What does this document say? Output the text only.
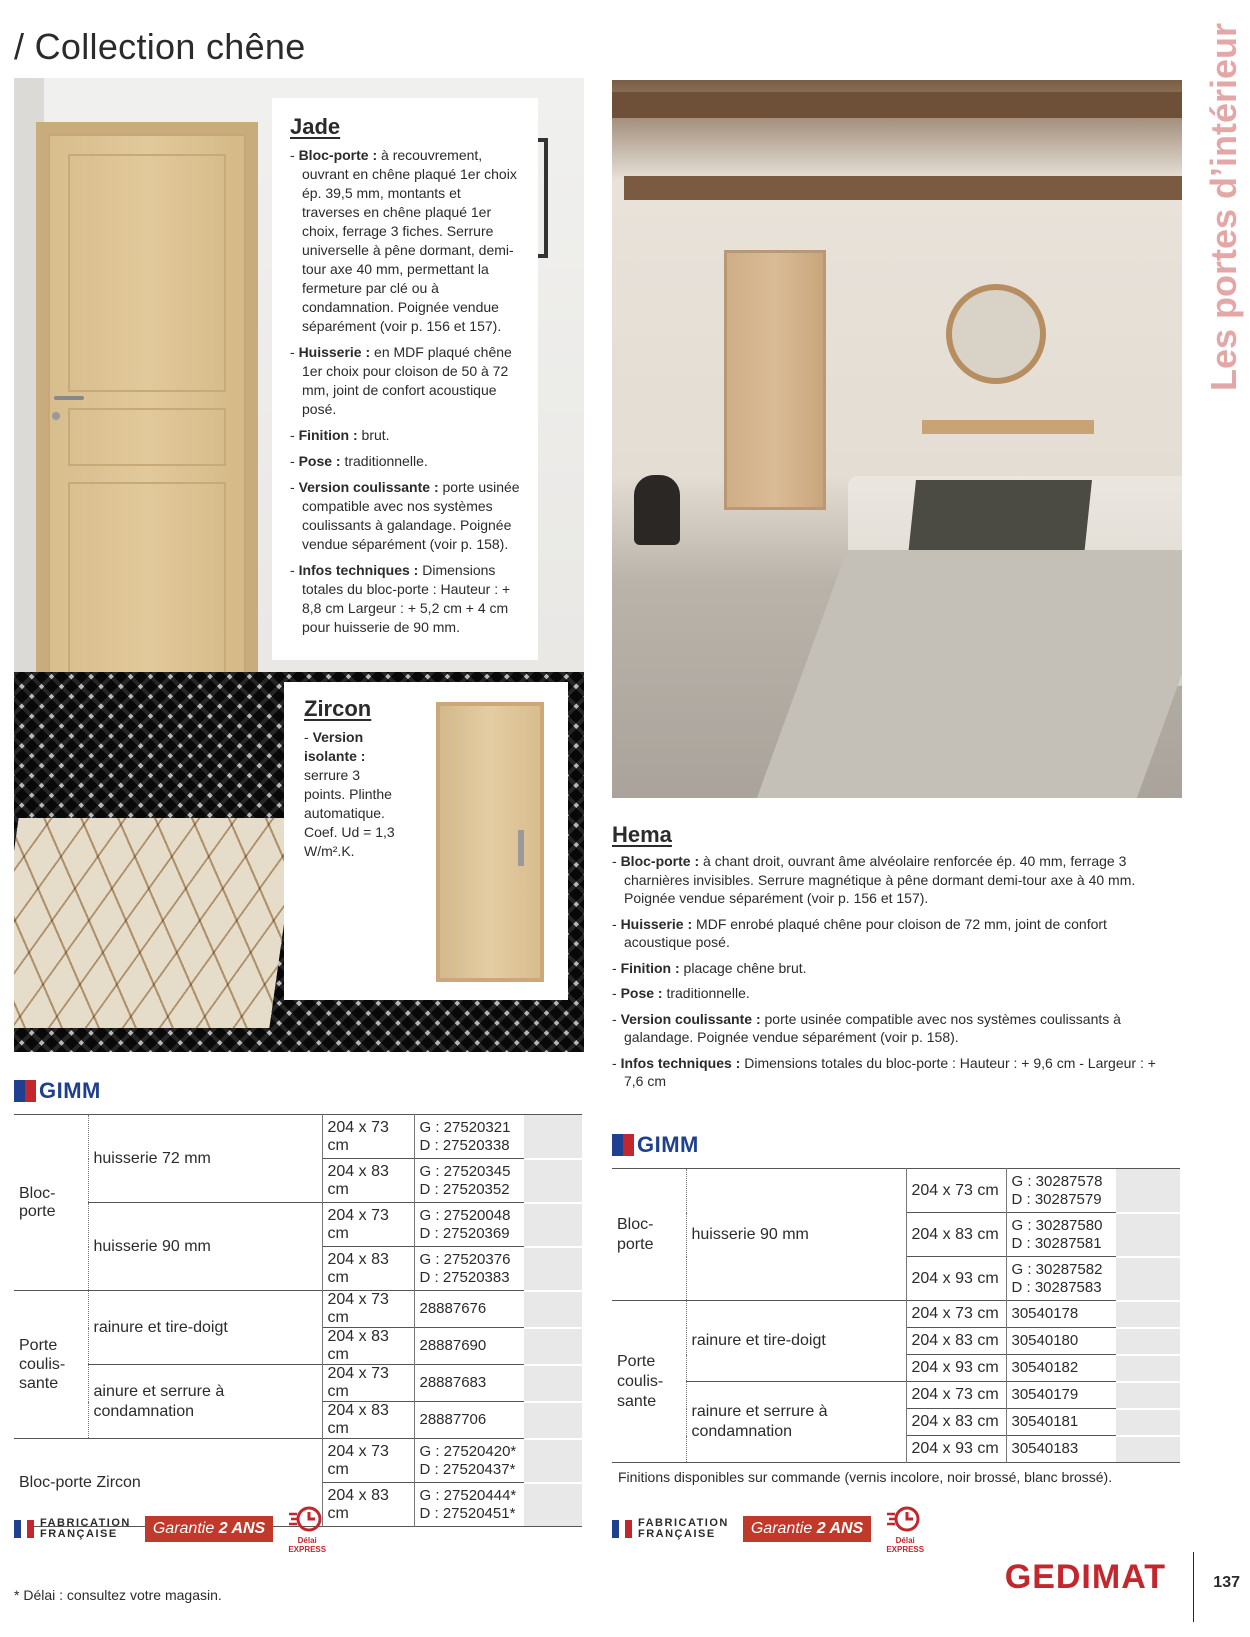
/ Collection chêne	Les portes d’intérieur
Jade
- Bloc-porte : à recouvrement, ouvrant en chêne plaqué 1er choix ép. 39,5 mm, montants et traverses en chêne plaqué 1er choix, ferrage 3 fiches. Serrure universelle à pêne dormant, demi-tour axe 40 mm, permettant la fermeture par clé ou à condamnation. Poignée vendue séparément (voir p. 156 et 157).
- Huisserie : en MDF plaqué chêne 1er choix pour cloison de 50 à 72 mm, joint de confort acoustique posé.
- Finition : brut.
- Pose : traditionnelle.
- Version coulissante : porte usinée compatible avec nos systèmes coulissants à galandage. Poignée vendue séparément (voir p. 158).
- Infos techniques : Dimensions totales du bloc-porte : Hauteur : + 8,8 cm Largeur : + 5,2 cm + 4 cm pour huisserie de 90 mm.
Zircon
- Version isolante : serrure 3 points. Plinthe automatique. Coef. Ud = 1,3 W/m².K.
Hema
- Bloc-porte : à chant droit, ouvrant âme alvéolaire renforcée ép. 40 mm, ferrage 3 charnières invisibles. Serrure magnétique à pêne dormant demi-tour axe à 40 mm. Poignée vendue séparément (voir p. 156 et 157).
- Huisserie : MDF enrobé plaqué chêne pour cloison de 72 mm, joint de confort acoustique posé.
- Finition : placage chêne brut.
- Pose : traditionnelle.
- Version coulissante : porte usinée compatible avec nos systèmes coulissants à galandage. Poignée vendue séparément (voir p. 158).
- Infos techniques : Dimensions totales du bloc-porte : Hauteur : + 9,6 cm - Largeur : + 7,6 cm
GIMM
GIMM
Bloc-porte	huisserie 72 mm	204 x 73 cm	G : 27520321
D : 27520338	
		204 x 83 cm	G : 27520345
D : 27520352	
	huisserie 90 mm	204 x 73 cm	G : 27520048
D : 27520369	
		204 x 83 cm	G : 27520376
D : 27520383	
Porte coulis-sante	rainure et tire-doigt	204 x 73 cm	28887676	
		204 x 83 cm	28887690	
	ainure et serrure à condamnation	204 x 73 cm	28887683	
		204 x 83 cm	28887706	
Bloc-porte Zircon		204 x 73 cm	G : 27520420*
D : 27520437*	
		204 x 83 cm	G : 27520444*
D : 27520451*	
Bloc-porte	huisserie 90 mm	204 x 73 cm	G : 30287578
D : 30287579	
		204 x 83 cm	G : 30287580
D : 30287581	
		204 x 93 cm	G : 30287582
D : 30287583	
Porte coulis-sante	rainure et tire-doigt	204 x 73 cm	30540178	
		204 x 83 cm	30540180	
		204 x 93 cm	30540182	
	rainure et serrure à condamnation	204 x 73 cm	30540179	
		204 x 83 cm	30540181	
		204 x 93 cm	30540183	
Finitions disponibles sur commande (vernis incolore, noir brossé, blanc brossé).
FABRICATION
FRANÇAISE	Garantie 2 ANS
Délai
EXPRESS
FABRICATION
FRANÇAISE	Garantie 2 ANS
Délai
EXPRESS
* Délai : consultez votre magasin.	GEDIMAT	137
